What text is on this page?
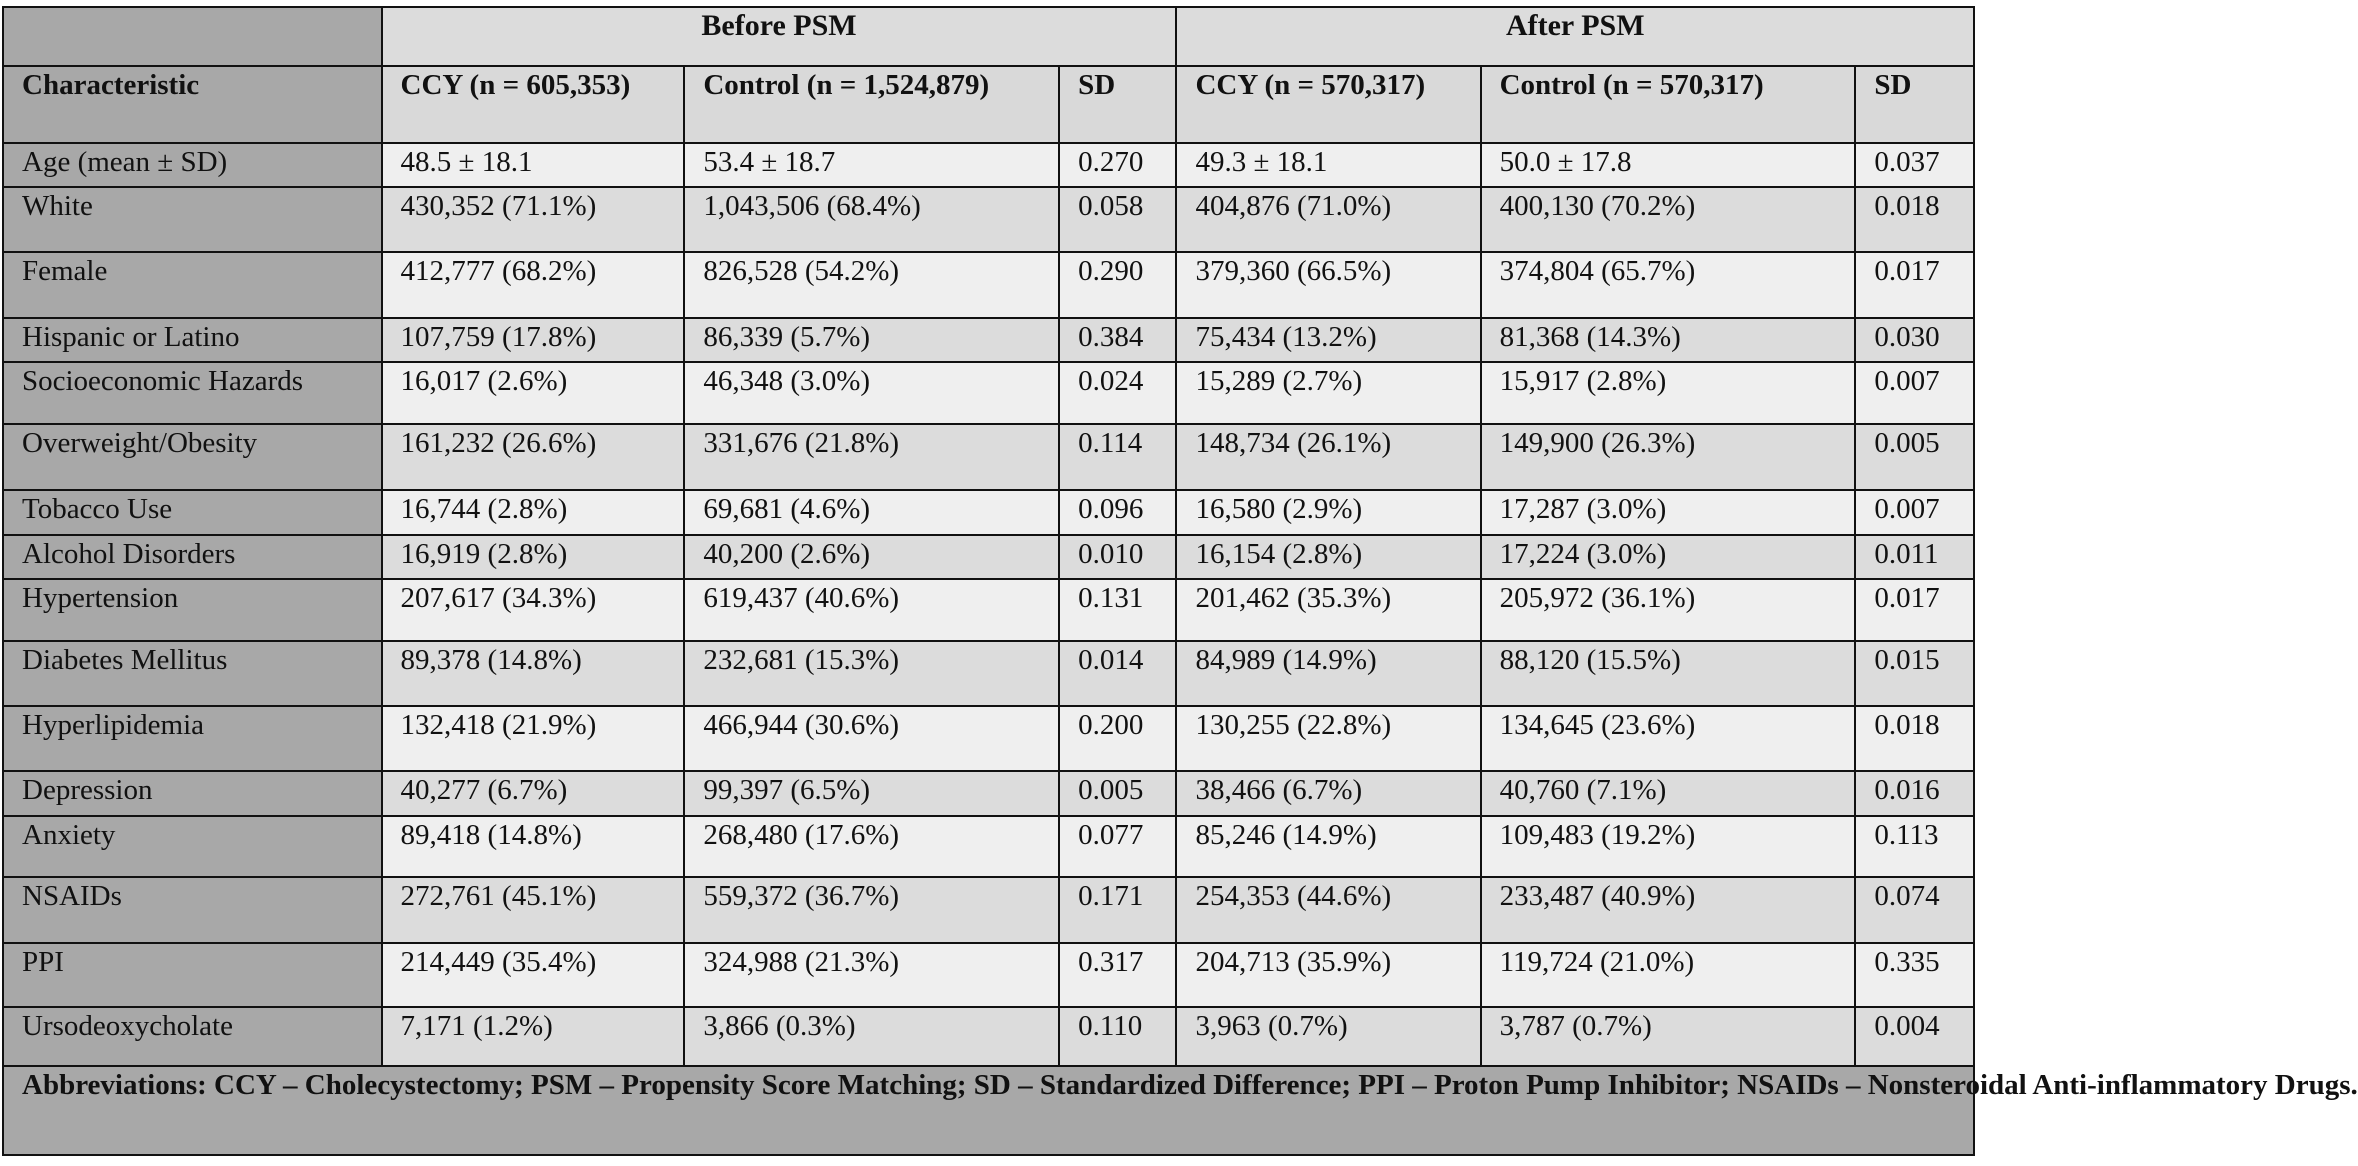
	Before PSM			After PSM		
Characteristic	CCY (n = 605,353)	Control (n = 1,524,879)	SD	CCY (n = 570,317)	Control (n = 570,317)	SD
Age (mean ± SD)	48.5 ± 18.1	53.4 ± 18.7	0.270	49.3 ± 18.1	50.0 ± 17.8	0.037
White	430,352 (71.1%)	1,043,506 (68.4%)	0.058	404,876 (71.0%)	400,130 (70.2%)	0.018
Female	412,777 (68.2%)	826,528 (54.2%)	0.290	379,360 (66.5%)	374,804 (65.7%)	0.017
Hispanic or Latino	107,759 (17.8%)	86,339 (5.7%)	0.384	75,434 (13.2%)	81,368 (14.3%)	0.030
Socioeconomic Hazards	16,017 (2.6%)	46,348 (3.0%)	0.024	15,289 (2.7%)	15,917 (2.8%)	0.007
Overweight/Obesity	161,232 (26.6%)	331,676 (21.8%)	0.114	148,734 (26.1%)	149,900 (26.3%)	0.005
Tobacco Use	16,744 (2.8%)	69,681 (4.6%)	0.096	16,580 (2.9%)	17,287 (3.0%)	0.007
Alcohol Disorders	16,919 (2.8%)	40,200 (2.6%)	0.010	16,154 (2.8%)	17,224 (3.0%)	0.011
Hypertension	207,617 (34.3%)	619,437 (40.6%)	0.131	201,462 (35.3%)	205,972 (36.1%)	0.017
Diabetes Mellitus	89,378 (14.8%)	232,681 (15.3%)	0.014	84,989 (14.9%)	88,120 (15.5%)	0.015
Hyperlipidemia	132,418 (21.9%)	466,944 (30.6%)	0.200	130,255 (22.8%)	134,645 (23.6%)	0.018
Depression	40,277 (6.7%)	99,397 (6.5%)	0.005	38,466 (6.7%)	40,760 (7.1%)	0.016
Anxiety	89,418 (14.8%)	268,480 (17.6%)	0.077	85,246 (14.9%)	109,483 (19.2%)	0.113
NSAIDs	272,761 (45.1%)	559,372 (36.7%)	0.171	254,353 (44.6%)	233,487 (40.9%)	0.074
PPI	214,449 (35.4%)	324,988 (21.3%)	0.317	204,713 (35.9%)	119,724 (21.0%)	0.335
Ursodeoxycholate	7,171 (1.2%)	3,866 (0.3%)	0.110	3,963 (0.7%)	3,787 (0.7%)	0.004
Abbreviations: CCY – Cholecystectomy; PSM – Propensity Score Matching; SD – Standardized Difference; PPI – Proton Pump Inhibitor; NSAIDs – Nonsteroidal Anti-inflammatory Drugs.						
